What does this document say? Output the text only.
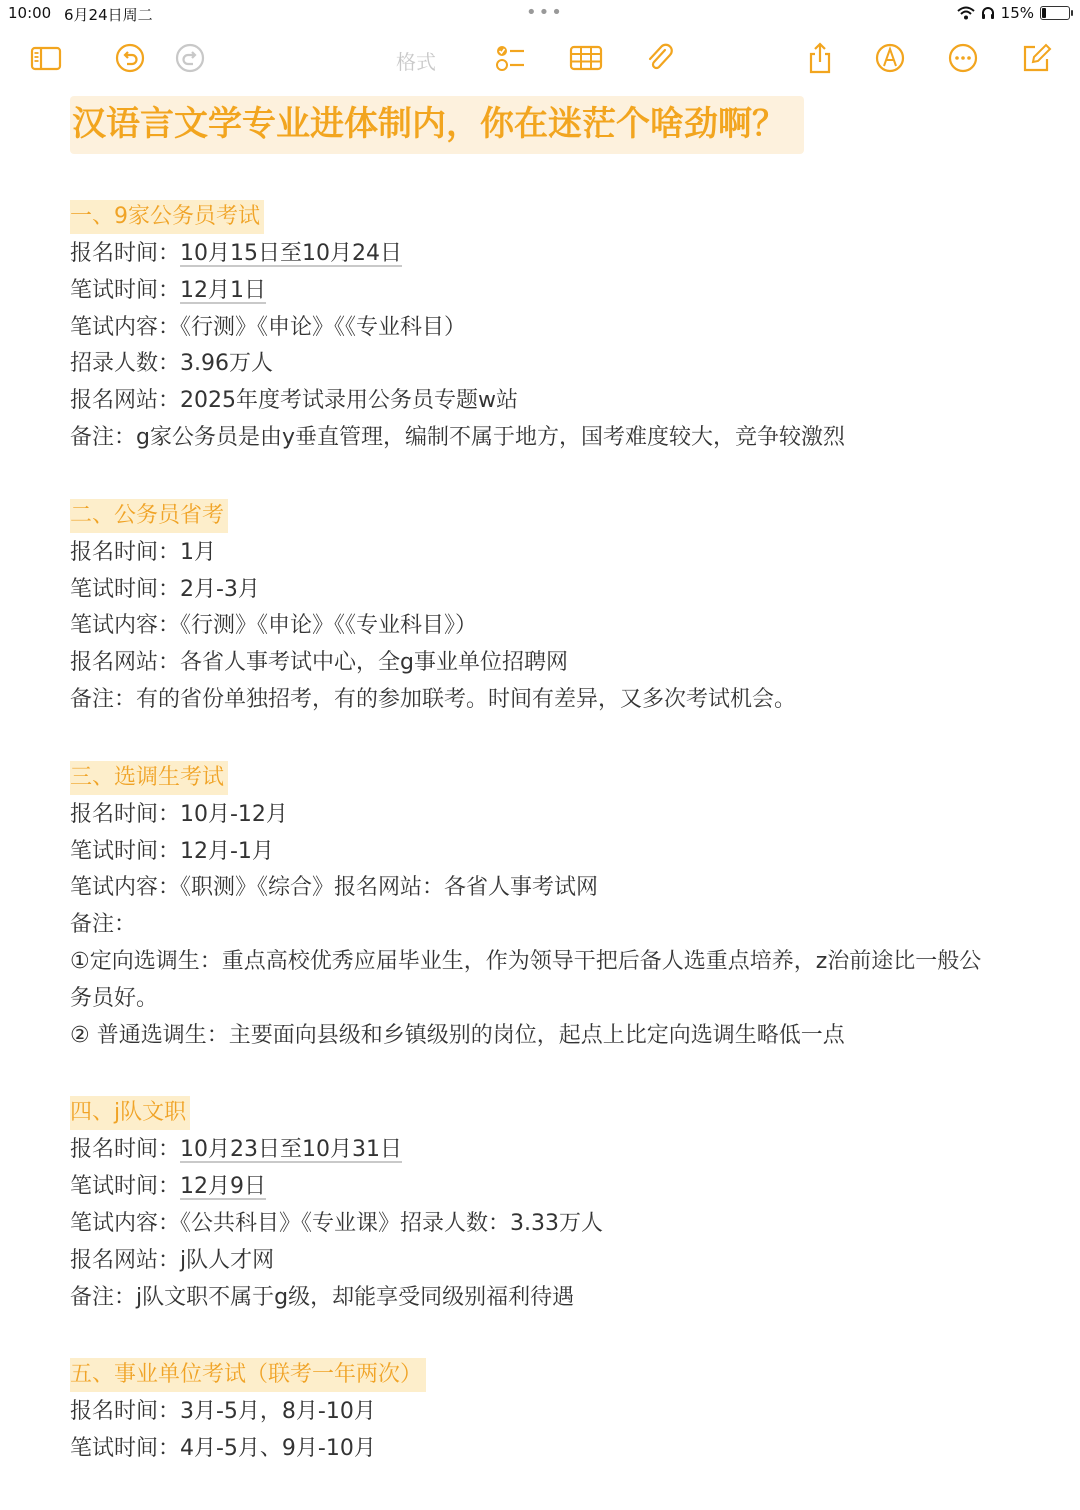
10:00 6月24日周二	•••	15%
格式
汉语言文学专业进体制内，你在迷茫个啥劲啊？
一、9家公务员考试
报名时间：10月15日至10月24日
笔试时间：12月1日
笔试内容：《行测》《申论》《《专业科目）
招录人数：3.96万人
报名网站：2025年度考试录用公务员专题w站
备注：g家公务员是由y垂直管理，编制不属于地方，国考难度较大，竞争较激烈
二、公务员省考
报名时间：1月
笔试时间：2月-3月
笔试内容：《行测》《申论》《《专业科目》）
报名网站：各省人事考试中心，全g事业单位招聘网
备注：有的省份单独招考，有的参加联考。时间有差异，又多次考试机会。
三、选调生考试
报名时间：10月-12月
笔试时间：12月-1月
笔试内容：《职测》《综合》报名网站：各省人事考试网
备注：
①定向选调生：重点高校优秀应届毕业生，作为领导干把后备人选重点培养，z治前途比一般公务员好。
② 普通选调生：主要面向县级和乡镇级别的岗位，起点上比定向选调生略低一点
四、j队文职
报名时间：10月23日至10月31日
笔试时间：12月9日
笔试内容：《公共科目》《专业课》招录人数：3.33万人
报名网站：j队人才网
备注：j队文职不属于g级，却能享受同级别福利待遇
五、事业单位考试（联考一年两次）
报名时间：3月-5月，8月-10月
笔试时间：4月-5月、9月-10月
